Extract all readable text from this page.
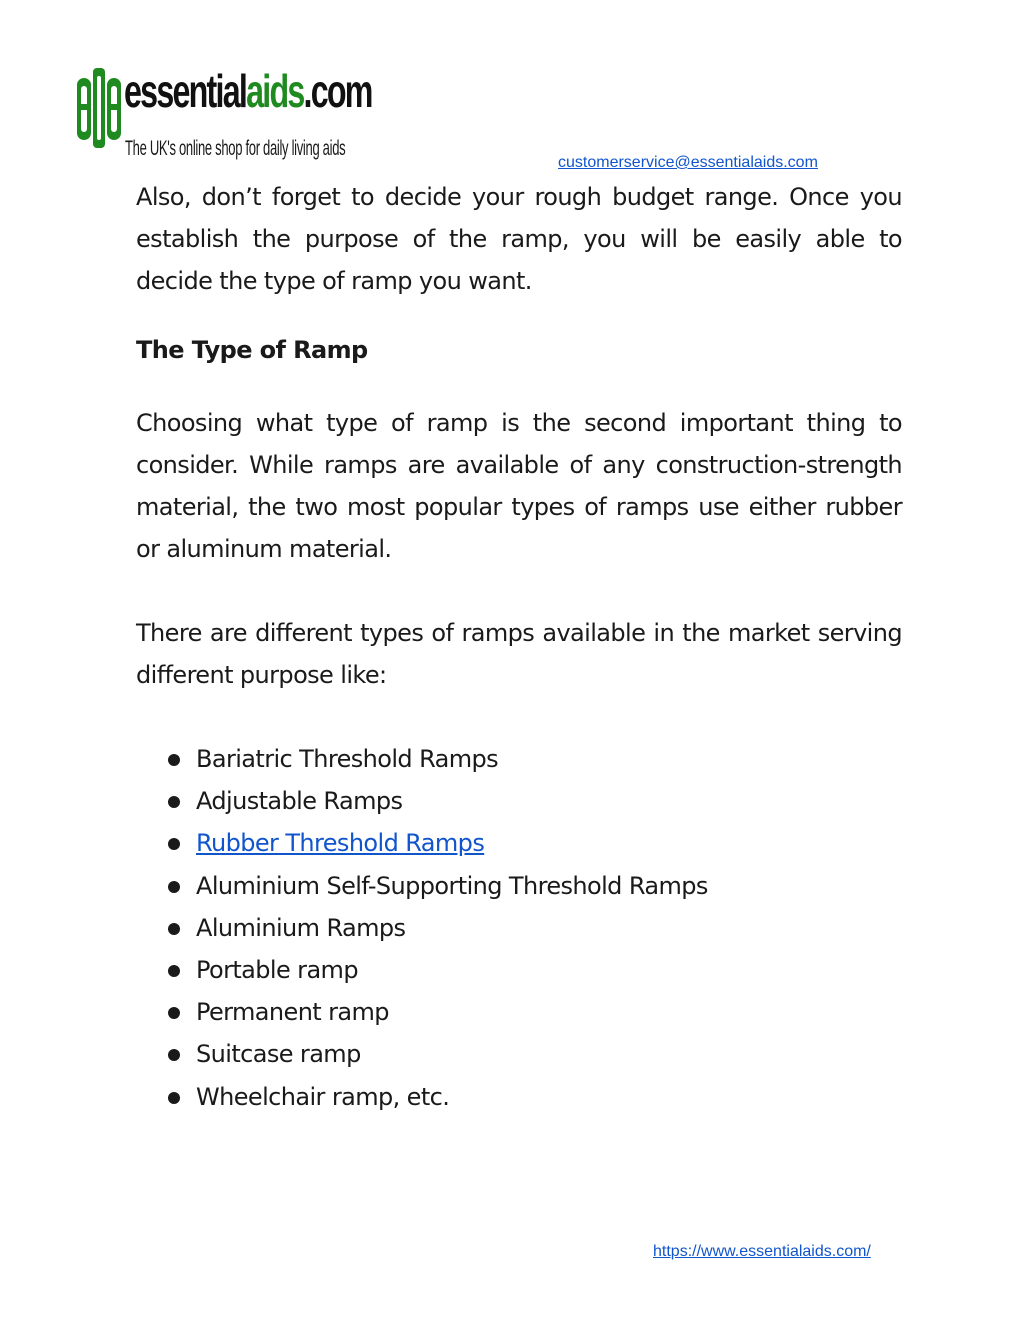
essentialaids.com
The UK's online shop for daily living aids
customerservice@essentialaids.com

Also, don’t forget to decide your rough budget range. Once you establish the purpose of the ramp, you will be easily able to decide the type of ramp you want.

The Type of Ramp

Choosing what type of ramp is the second important thing to consider. While ramps are available of any construction-strength material, the two most popular types of ramps use either rubber or aluminum material.

There are different types of ramps available in the market serving different purpose like:

Bariatric Threshold Ramps
Adjustable Ramps
Rubber Threshold Ramps
Aluminium Self-Supporting Threshold Ramps
Aluminium Ramps
Portable ramp
Permanent ramp
Suitcase ramp
Wheelchair ramp, etc.
https://www.essentialaids.com/
